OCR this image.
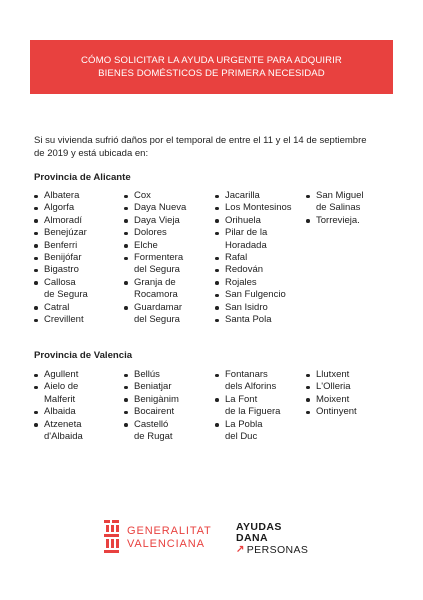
CÓMO SOLICITAR LA AYUDA URGENTE PARA ADQUIRIR
BIENES DOMÉSTICOS DE PRIMERA NECESIDAD
Si su vivienda sufrió daños por el temporal de entre el 11 y el 14 de septiembre
de 2019 y está ubicada en:
Provincia de Alicante
Albatera
Algorfa
Almoradí
Benejúzar
Benferri
Benijófar
Bigastro
Callosa
de Segura
Catral
Crevillent
Cox
Daya Nueva
Daya Vieja
Dolores
Elche
Formentera
del Segura
Granja de
Rocamora
Guardamar
del Segura
Jacarilla
Los Montesinos
Orihuela
Pilar de la
Horadada
Rafal
Redován
Rojales
San Fulgencio
San Isidro
Santa Pola
San Miguel
de Salinas
Torrevieja.
Provincia de Valencia
Agullent
Aielo de
Malferit
Albaida
Atzeneta
d'Albaida
Bellús
Beniatjar
Benigànim
Bocairent
Castelló
de Rugat
Fontanars
dels Alforins
La Font
de la Figuera
La Pobla
del Duc
Llutxent
L'Olleria
Moixent
Ontinyent
GENERALITAT
VALENCIANA
AYUDAS
DANA
↗ PERSONAS
